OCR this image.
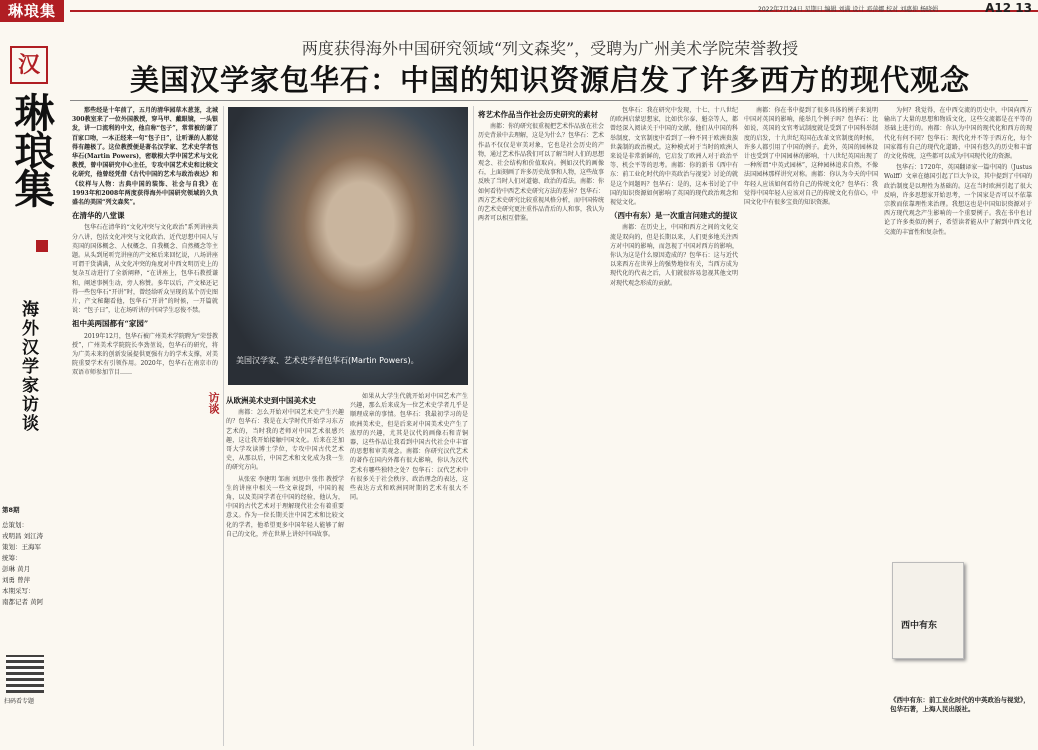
琳琅集	2022年7月24日 星期日 编辑 刘满 设计 邓萍娜 校对 刘惠伸 杨晓娟	A12 13
汉
琳琅集
海外汉学家访谈
第8期
总策划：
戎明昌 刘江涛
策划：王海军
统筹：
彭琳 黄月
刘勇 曾萍
本期采写：
南都记者 黄阿
扫码看专题
两度获得海外中国研究领域“列文森奖”，受聘为广州美术学院荣誉教授
美国汉学家包华石：中国的知识资源启发了许多西方的现代观念

那些经是十年前了，五月的清华园草木葱茏，北城300教室来了一位外国教授，穿马甲、戴眼镜，一头银发，讲一口流利的中文，他自称“包子”，常常被的谦了百家口吻，一本正经来一句“包子日”，让听课的人都觉得有趣极了。这位教授便是著名汉学家、艺术史学者包华石(Martin Powers)，密歇根大学中国艺术与文化教授，曾中国研究中心主任，专攻中国艺术史和比较文化研究，他曾经凭借《古代中国的艺术与政治表达》和《纹样与人物：古典中国的装饰、社会与自我》在1993年和2008年两度获得海外中国研究领域的久负盛名的美国“列文森奖”。

在清华的八堂课

包华石在清华的“文化冲突与文化政治”系列讲座共分八讲，包括文化冲突与文化政治、近代思想中国人与英国的国体概念、人权概念、自我概念、自然概念等主题。从头到尾听完讲座的产文秘后来回忆说，八场讲座可谓干货满满，从文化冲突的角度对中西文明历史上的复杂互动进行了全新阐释，“在讲座上，包华石教授谦和，阐述事例生动，旁人称赞。多年以后，产文秘还记得一些包华石“开讲”时，曾经给听众呈现的某个历史图片，产文秘翻看他，包华石“开讲”的时候，一开篇就说：“包子曰”，让在场听讲的中国学生忍俊不禁。

祖中美两国都有“家园”

2019年12月，包华石被广州美术学院聘为“荣誉教授”，广州美术学院院长李劲堃说，包华石的研究，将为广美未来的创新发展提供更强有力的学术支撑，对美院重要学术有引领作用。2020年，包华石在南京市的双语市师参加节目……

美国汉学家、艺术史学者包华石(Martin Powers)。
访谈 从欧洲美术史到中国美术史

南都：怎么开始对中国艺术史产生兴趣的？包华石：我是在大学时代开始学习东方艺术的，当时我的老师对中国艺术很感兴趣，这让我开始接触中国文化。后来在芝加哥大学攻读博士学位，专攻中国古代艺术史，从那以后，中国艺术和文化成为我一生的研究方向。

从张宏 李建明 邹南 刘思中 张伟 教授学生的讲座中相关一些文章提到，中国的视角，以及美国学者在中国的经验，他认为，中国的古代艺术对于理解现代社会有着重要意义。作为一位长期关注中国艺术和比较文化的学者，他希望更多中国年轻人能够了解自己的文化，并在世界上讲好中国故事。

如果从大学生代就开始对中国艺术产生兴趣，那么后来成为一位艺术史学者几乎是顺理成章的事情。包华石：我最初学习的是欧洲美术史，但是后来对中国美术史产生了浓厚的兴趣，尤其是汉代的画像石和青铜器，这些作品让我看到中国古代社会中丰富的思想和审美观念。南都：你研究汉代艺术的著作在国内外都有很大影响，你认为汉代艺术有哪些独特之处？包华石：汉代艺术中有很多关于社会秩序、政治理念的表达，这些表达方式和欧洲同时期的艺术有很大不同。

将艺术作品当作社会历史研究的素材

南都：你的研究很重视把艺术作品放在社会历史背景中去理解，这是为什么？包华石：艺术作品不仅仅是审美对象，它也是社会历史的产物，通过艺术作品我们可以了解当时人们的思想观念、社会结构和价值取向。例如汉代的画像石，上面刻画了许多历史故事和人物，这些故事反映了当时人们对道德、政治的看法。南都：你如何看待中西艺术史研究方法的差异？包华石：西方艺术史研究比较重视风格分析，而中国传统的艺术史研究更注重作品背后的人和事，我认为两者可以相互借鉴。

包华石：我在研究中发现，十七、十八世纪的欧洲启蒙思想家，比如伏尔泰、魁奈等人，都曾经深入阅读关于中国的文献，他们从中国的科举制度、文官制度中看到了一种不同于欧洲贵族世袭制的政治模式。这种模式对于当时的欧洲人来说是非常新鲜的，它启发了欧洲人对于政治平等、机会平等的思考。南都：你的新书《西中有东：前工业化时代的中英政治与视觉》讨论的就是这个问题吗？包华石：是的，这本书讨论了中国的知识资源如何影响了英国的现代政治观念和视觉文化。

（西中有东）是一次重言问建式的提议

南都：在历史上，中国和西方之间的文化交流是双向的，但是长期以来，人们更多地关注西方对中国的影响，而忽视了中国对西方的影响，你认为这是什么原因造成的？包华石：这与近代以来西方在世界上的强势地位有关，当西方成为现代化的代表之后，人们就很容易忽视其他文明对现代观念形成的贡献。

南都：你在书中提到了很多具体的例子来说明中国对英国的影响，能举几个例子吗？包华石：比如说，英国的文官考试制度就是受到了中国科举制度的启发，十九世纪英国在改革文官制度的时候，许多人都引用了中国的例子。此外，英国的园林设计也受到了中国园林的影响，十八世纪英国出现了一种所谓“中英式园林”，这种园林追求自然，不像法国园林那样讲究对称。南都：你认为今天的中国年轻人应该如何看待自己的传统文化？包华石：我觉得中国年轻人应该对自己的传统文化有信心，中国文化中有很多宝贵的知识资源。

为何？我觉得，在中西交流的历史中，中国向西方输出了大量的思想和物质文化，这些交流都是在平等的基础上进行的。南都：你认为中国的现代化和西方的现代化有何不同？包华石：现代化并不等于西方化，每个国家都有自己的现代化道路，中国有悠久的历史和丰富的文化传统，这些都可以成为中国现代化的资源。

包华石：1720年，英国翻译家一篇中国的（Justus Wolff）文章在德国引起了巨大争议，其中提到了中国的政治制度是以理性为基础的。这在当时欧洲引起了很大反响，许多思想家开始思考，一个国家是否可以不依靠宗教而依靠理性来治理。我想这也是中国知识资源对于西方现代观念产生影响的一个重要例子。我在书中也讨论了许多类似的例子，希望读者能从中了解到中西文化交流的丰富性和复杂性。

西中有东
《西中有东：前工业化时代的中英政治与视觉》，包华石著，上海人民出版社。
